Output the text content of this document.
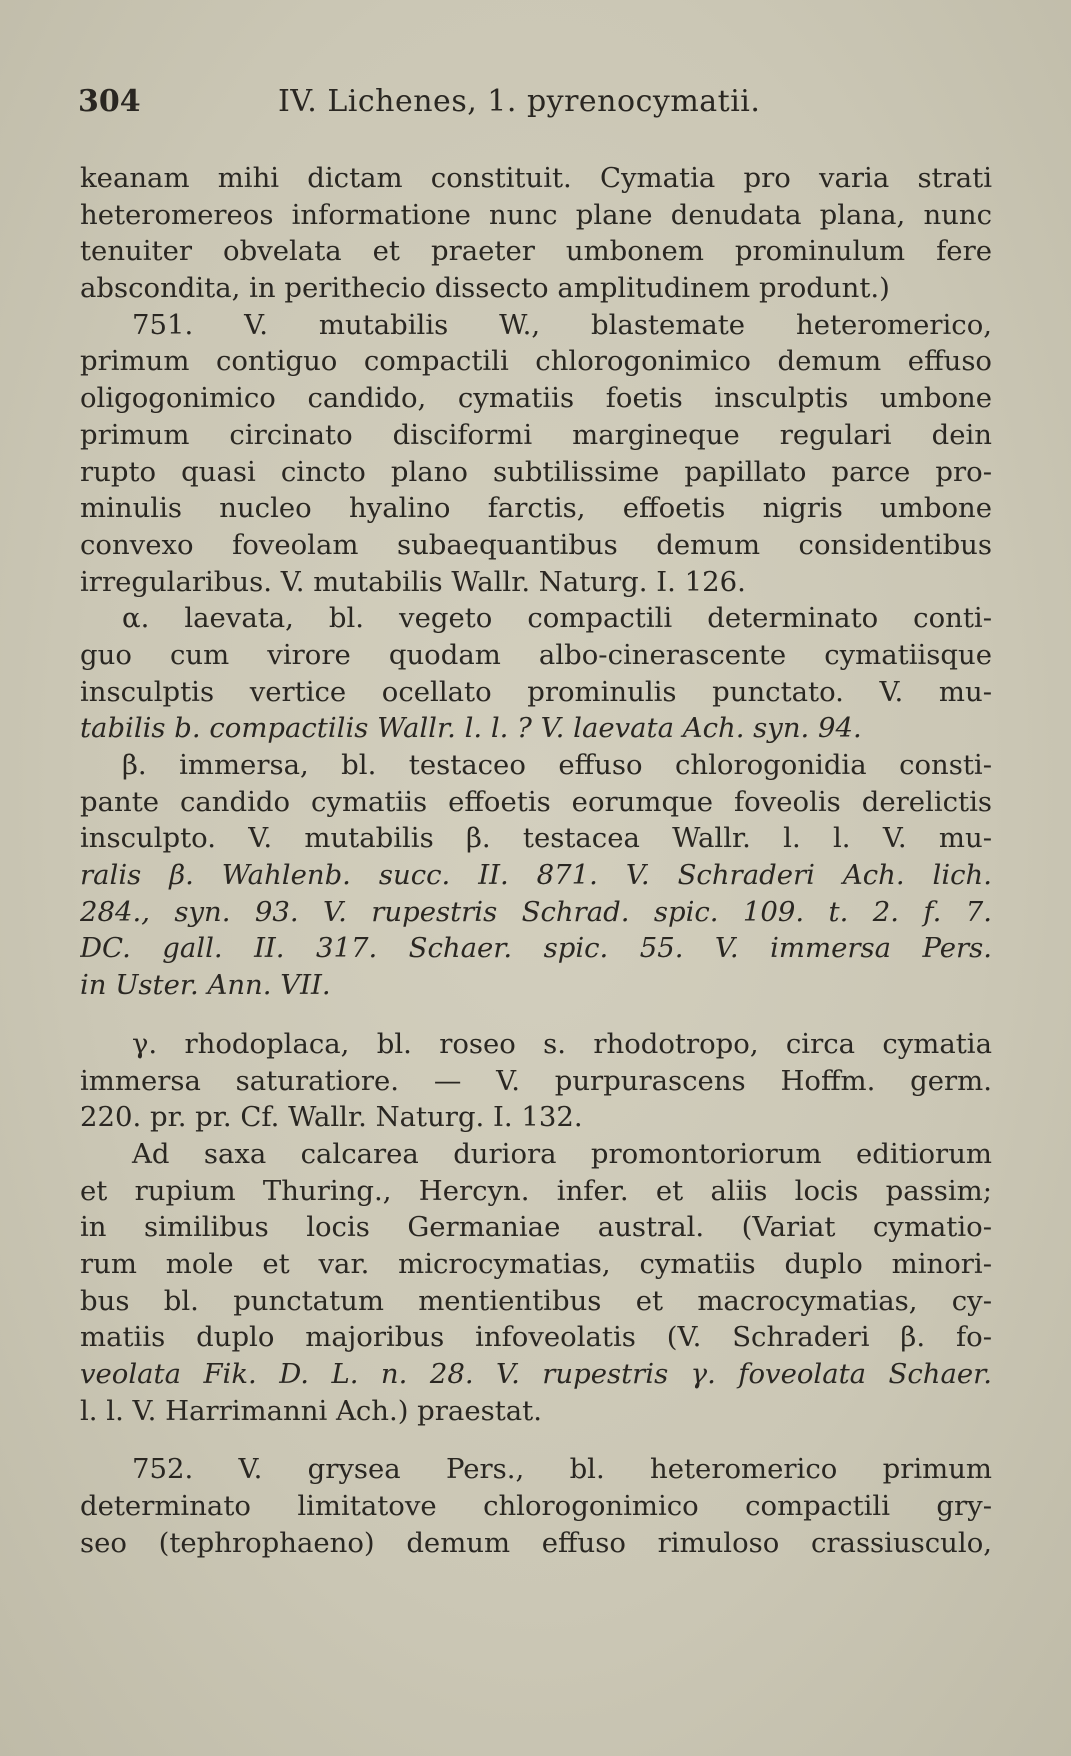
304	IV. Lichenes, 1. pyrenocymatii.
keanam mihi dictam constituit. Cymatia pro varia strati
heteromereos informatione nunc plane denudata plana, nunc
tenuiter obvelata et praeter umbonem prominulum fere
abscondita, in perithecio dissecto amplitudinem produnt.)
751. V. mutabilis W., blastemate heteromerico,
primum contiguo compactili chlorogonimico demum effuso
oligogonimico candido, cymatiis foetis insculptis umbone
primum circinato disciformi margineque regulari dein
rupto quasi cincto plano subtilissime papillato parce pro-
minulis nucleo hyalino farctis, effoetis nigris umbone
convexo foveolam subaequantibus demum considentibus
irregularibus. V. mutabilis Wallr. Naturg. I. 126.
α. laevata, bl. vegeto compactili determinato conti-
guo cum virore quodam albo-cinerascente cymatiisque
insculptis vertice ocellato prominulis punctato. V. mu-
tabilis b. compactilis Wallr. l. l. ? V. laevata Ach. syn. 94.
β. immersa, bl. testaceo effuso chlorogonidia consti-
pante candido cymatiis effoetis eorumque foveolis derelictis
insculpto. V. mutabilis β. testacea Wallr. l. l. V. mu-
ralis β. Wahlenb. succ. II. 871. V. Schraderi Ach. lich.
284., syn. 93. V. rupestris Schrad. spic. 109. t. 2. f. 7.
DC. gall. II. 317. Schaer. spic. 55. V. immersa Pers.
in Uster. Ann. VII.
γ. rhodoplaca, bl. roseo s. rhodotropo, circa cymatia
immersa saturatiore. — V. purpurascens Hoffm. germ.
220. pr. pr. Cf. Wallr. Naturg. I. 132.
Ad saxa calcarea duriora promontoriorum editiorum
et rupium Thuring., Hercyn. infer. et aliis locis passim;
in similibus locis Germaniae austral. (Variat cymatio-
rum mole et var. microcymatias, cymatiis duplo minori-
bus bl. punctatum mentientibus et macrocymatias, cy-
matiis duplo majoribus infoveolatis (V. Schraderi β. fo-
veolata Fik. D. L. n. 28. V. rupestris γ. foveolata Schaer.
l. l. V. Harrimanni Ach.) praestat.
752. V. grysea Pers., bl. heteromerico primum
determinato limitatove chlorogonimico compactili gry-
seo (tephrophaeno) demum effuso rimuloso crassiusculo,
